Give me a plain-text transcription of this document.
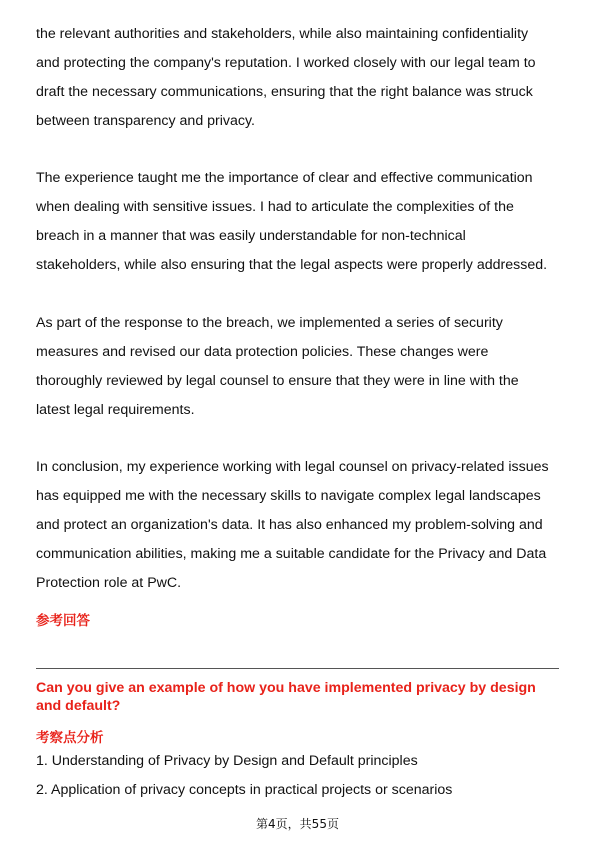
the relevant authorities and stakeholders, while also maintaining confidentiality
and protecting the company's reputation. I worked closely with our legal team to
draft the necessary communications, ensuring that the right balance was struck
between transparency and privacy.

The experience taught me the importance of clear and effective communication
when dealing with sensitive issues. I had to articulate the complexities of the
breach in a manner that was easily understandable for non-technical
stakeholders, while also ensuring that the legal aspects were properly addressed.

As part of the response to the breach, we implemented a series of security
measures and revised our data protection policies. These changes were
thoroughly reviewed by legal counsel to ensure that they were in line with the
latest legal requirements.

In conclusion, my experience working with legal counsel on privacy-related issues
has equipped me with the necessary skills to navigate complex legal landscapes
and protect an organization's data. It has also enhanced my problem-solving and
communication abilities, making me a suitable candidate for the Privacy and Data
Protection role at PwC.

参考回答

Can you give an example of how you have implemented privacy by design
and default?

考察点分析

1. Understanding of Privacy by Design and Default principles

2. Application of privacy concepts in practical projects or scenarios

第4页，共55页
